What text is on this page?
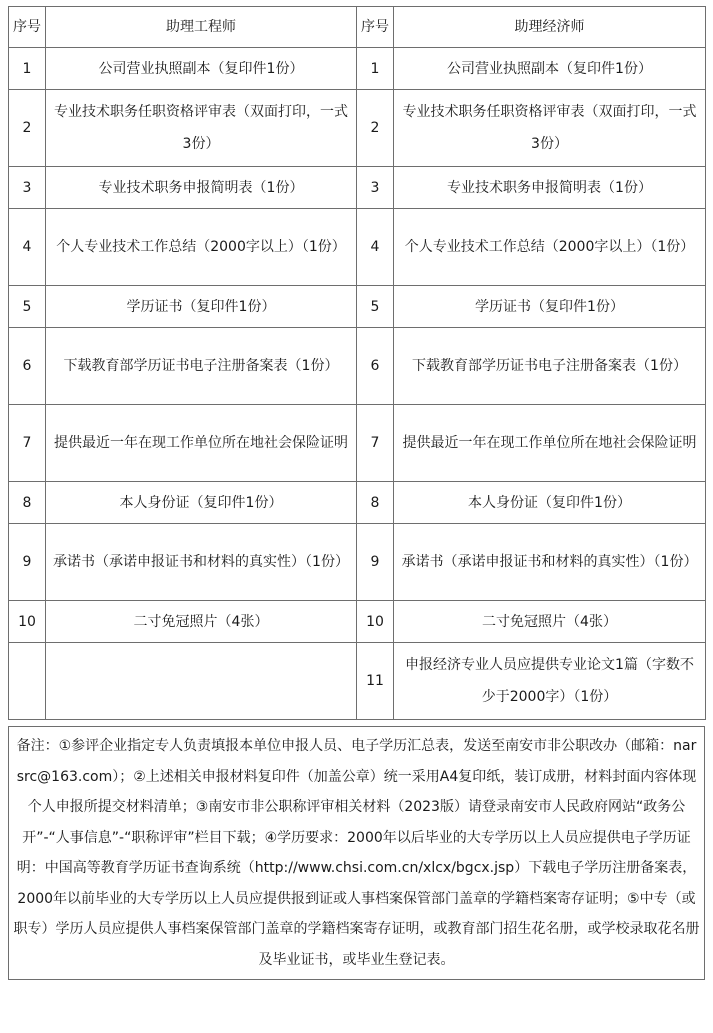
序号	助理工程师	序号	助理经济师
1	公司营业执照副本（复印件1份）	1	公司营业执照副本（复印件1份）
2	专业技术职务任职资格评审表（双面打印，一式3份）	2	专业技术职务任职资格评审表（双面打印，一式3份）
3	专业技术职务申报简明表（1份）	3	专业技术职务申报简明表（1份）
4	个人专业技术工作总结（2000字以上）（1份）	4	个人专业技术工作总结（2000字以上）（1份）
5	学历证书（复印件1份）	5	学历证书（复印件1份）
6	下载教育部学历证书电子注册备案表（1份）	6	下载教育部学历证书电子注册备案表（1份）
7	提供最近一年在现工作单位所在地社会保险证明	7	提供最近一年在现工作单位所在地社会保险证明
8	本人身份证（复印件1份）	8	本人身份证（复印件1份）
9	承诺书（承诺申报证书和材料的真实性）（1份）	9	承诺书（承诺申报证书和材料的真实性）（1份）
10	二寸免冠照片（4张）	10	二寸免冠照片（4张）
		11	申报经济专业人员应提供专业论文1篇（字数不少于2000字）（1份）
备注：①参评企业指定专人负责填报本单位申报人员、电子学历汇总表，发送至南安市非公职改办（邮箱：narsrc@163.com）；②上述相关申报材料复印件（加盖公章）统一采用A4复印纸，装订成册，材料封面内容体现个人申报所提交材料清单；③南安市非公职称评审相关材料（2023版）请登录南安市人民政府网站“政务公开”-“人事信息”-“职称评审”栏目下载；④学历要求：2000年以后毕业的大专学历以上人员应提供电子学历证明：中国高等教育学历证书查询系统（http://www.chsi.com.cn/xlcx/bgcx.jsp）下载电子学历注册备案表，2000年以前毕业的大专学历以上人员应提供报到证或人事档案保管部门盖章的学籍档案寄存证明；⑤中专（或职专）学历人员应提供人事档案保管部门盖章的学籍档案寄存证明，或教育部门招生花名册，或学校录取花名册及毕业证书，或毕业生登记表。
